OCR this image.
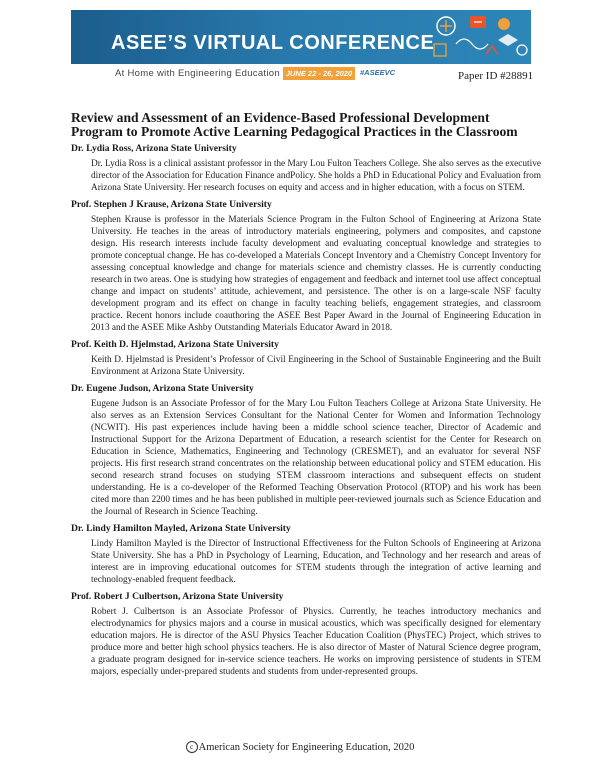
ASEE’S VIRTUAL CONFERENCE
At Home with Engineering Education JUNE 22 - 26, 2020	#ASEEVC	Paper ID #28891
Review and Assessment of an Evidence-Based Professional Development Program to Promote Active Learning Pedagogical Practices in the Classroom

Dr. Lydia Ross, Arizona State University

Dr. Lydia Ross is a clinical assistant professor in the Mary Lou Fulton Teachers College. She also serves as the executive director of the Association for Education Finance andPolicy. She holds a PhD in Educational Policy and Evaluation from Arizona State University. Her research focuses on equity and access and in higher education, with a focus on STEM.

Prof. Stephen J Krause, Arizona State University

Stephen Krause is professor in the Materials Science Program in the Fulton School of Engineering at Arizona State University. He teaches in the areas of introductory materials engineering, polymers and composites, and capstone design. His research interests include faculty development and evaluating conceptual knowledge and strategies to promote conceptual change. He has co-developed a Materials Concept Inventory and a Chemistry Concept Inventory for assessing conceptual knowledge and change for materials science and chemistry classes. He is currently conducting research in two areas. One is studying how strategies of engagement and feedback and internet tool use affect conceptual change and impact on students’ attitude, achievement, and persistence. The other is on a large-scale NSF faculty development program and its effect on change in faculty teaching beliefs, engagement strategies, and classroom practice. Recent honors include coauthoring the ASEE Best Paper Award in the Journal of Engineering Education in 2013 and the ASEE Mike Ashby Outstanding Materials Educator Award in 2018.

Prof. Keith D. Hjelmstad, Arizona State University

Keith D. Hjelmstad is President’s Professor of Civil Engineering in the School of Sustainable Engineering and the Built Environment at Arizona State University.

Dr. Eugene Judson, Arizona State University

Eugene Judson is an Associate Professor of for the Mary Lou Fulton Teachers College at Arizona State University. He also serves as an Extension Services Consultant for the National Center for Women and Information Technology (NCWIT). His past experiences include having been a middle school science teacher, Director of Academic and Instructional Support for the Arizona Department of Education, a research scientist for the Center for Research on Education in Science, Mathematics, Engineering and Technology (CRESMET), and an evaluator for several NSF projects. His first research strand concentrates on the relationship between educational policy and STEM education. His second research strand focuses on studying STEM classroom interactions and subsequent effects on student understanding. He is a co-developer of the Reformed Teaching Observation Protocol (RTOP) and his work has been cited more than 2200 times and he has been published in multiple peer-reviewed journals such as Science Education and the Journal of Research in Science Teaching.

Dr. Lindy Hamilton Mayled, Arizona State University

Lindy Hamilton Mayled is the Director of Instructional Effectiveness for the Fulton Schools of Engineering at Arizona State University. She has a PhD in Psychology of Learning, Education, and Technology and her research and areas of interest are in improving educational outcomes for STEM students through the integration of active learning and technology-enabled frequent feedback.

Prof. Robert J Culbertson, Arizona State University

Robert J. Culbertson is an Associate Professor of Physics. Currently, he teaches introductory mechanics and electrodynamics for physics majors and a course in musical acoustics, which was specifically designed for elementary education majors. He is director of the ASU Physics Teacher Education Coalition (PhysTEC) Project, which strives to produce more and better high school physics teachers. He is also director of Master of Natural Science degree program, a graduate program designed for in-service science teachers. He works on improving persistence of students in STEM majors, especially under-prepared students and students from under-represented groups.

c American Society for Engineering Education, 2020
